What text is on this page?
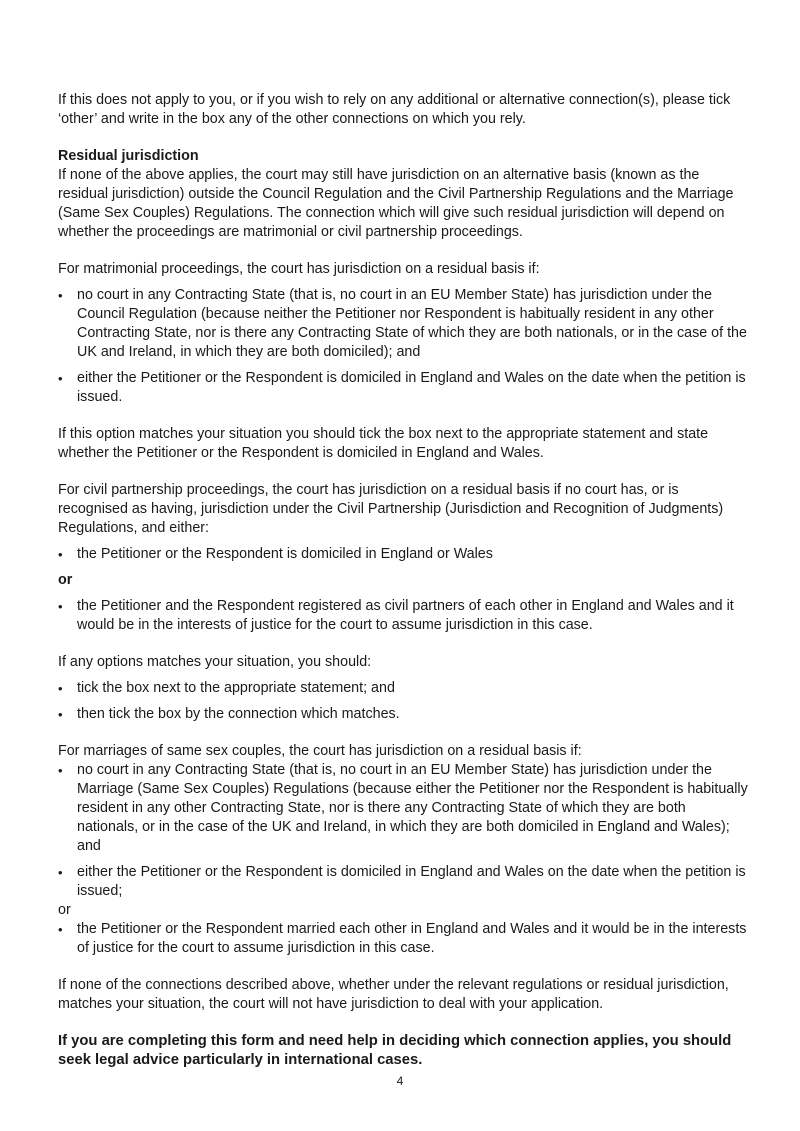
If this does not apply to you, or if you wish to rely on any additional or alternative connection(s), please tick ‘other’ and write in the box any of the other connections on which you rely.

Residual jurisdiction

If none of the above applies, the court may still have jurisdiction on an alternative basis (known as the residual jurisdiction) outside the Council Regulation and the Civil Partnership Regulations and the Marriage (Same Sex Couples) Regulations. The connection which will give such residual jurisdiction will depend on whether the proceedings are matrimonial or civil partnership proceedings.

For matrimonial proceedings, the court has jurisdiction on a residual basis if:

• no court in any Contracting State (that is, no court in an EU Member State) has jurisdiction under the Council Regulation (because neither the Petitioner nor Respondent is habitually resident in any other Contracting State, nor is there any Contracting State of which they are both nationals, or in the case of the UK and Ireland, in which they are both domiciled); and
• either the Petitioner or the Respondent is domiciled in England and Wales on the date when the petition is issued.

If this option matches your situation you should tick the box next to the appropriate statement and state whether the Petitioner or the Respondent is domiciled in England and Wales.

For civil partnership proceedings, the court has jurisdiction on a residual basis if no court has, or is recognised as having, jurisdiction under the Civil Partnership (Jurisdiction and Recognition of Judgments) Regulations, and either:

• the Petitioner or the Respondent is domiciled in England or Wales

or

• the Petitioner and the Respondent registered as civil partners of each other in England and Wales and it would be in the interests of justice for the court to assume jurisdiction in this case.

If any options matches your situation, you should:

• tick the box next to the appropriate statement; and
• then tick the box by the connection which matches.

For marriages of same sex couples, the court has jurisdiction on a residual basis if:

• no court in any Contracting State (that is, no court in an EU Member State) has jurisdiction under the Marriage (Same Sex Couples) Regulations (because either the Petitioner nor the Respondent is habitually resident in any other Contracting State, nor is there any Contracting State of which they are both nationals, or in the case of the UK and Ireland, in which they are both domiciled in England and Wales); and
• either the Petitioner or the Respondent is domiciled in England and Wales on the date when the petition is issued;

or

• the Petitioner or the Respondent married each other in England and Wales and it would be in the interests of justice for the court to assume jurisdiction in this case.

If none of the connections described above, whether under the relevant regulations or residual jurisdiction, matches your situation, the court will not have jurisdiction to deal with your application.

If you are completing this form and need help in deciding which connection applies, you should seek legal advice particularly in international cases.

4
